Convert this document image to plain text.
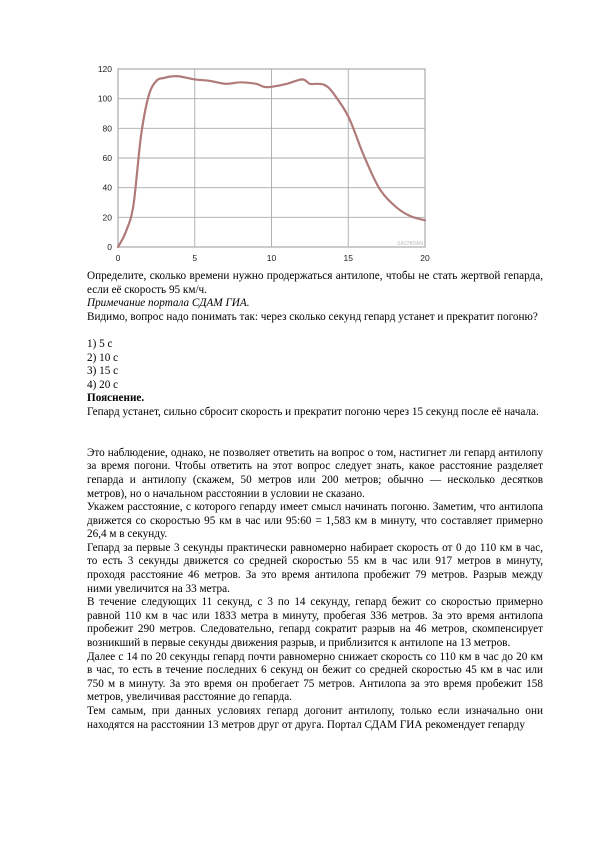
0
20
40
60
80
100
120
0	5	10	15	20
SACHIDAN

Определите, сколько времени нужно продержаться антилопе, чтобы не стать жертвой гепарда, если её скорость 95 км/ч.

Примечание портала СДАМ ГИА.

Видимо, вопрос надо понимать так: через сколько секунд гепард устанет и прекратит погоню?

1) 5 с

2) 10 с

3) 15 с

4) 20 с

Пояснение.

Гепард устанет, сильно сбросит скорость и прекратит погоню через 15 секунд после её начала.

Это наблюдение, однако, не позволяет ответить на вопрос о том, настигнет ли гепард антилопу за время погони. Чтобы ответить на этот вопрос следует знать, какое расстояние разделяет гепарда и антилопу (скажем, 50 метров или 200 метров; обычно — несколько десятков метров), но о начальном расстоянии в условии не сказано.

Укажем расстояние, с которого гепарду имеет смысл начинать погоню. Заметим, что антилопа движется со скоростью 95 км в час или 95:60 = 1,583 км в минуту, что составляет примерно 26,4 м в секунду.

Гепард за первые 3 секунды практически равномерно набирает скорость от 0 до 110 км в час, то есть 3 секунды движется со средней скоростью 55 км в час или 917 метров в минуту, проходя расстояние 46 метров. За это время антилопа пробежит 79 метров. Разрыв между ними увеличится на 33 метра.

В течение следующих 11 секунд, с 3 по 14 секунду, гепард бежит со скоростью примерно равной 110 км в час или 1833 метра в минуту, пробегая 336 метров. За это время антилопа пробежит 290 метров. Следовательно, гепард сократит разрыв на 46 метров, скомпенсирует возникший в первые секунды движения разрыв, и приблизится к антилопе на 13 метров.

Далее с 14 по 20 секунды гепард почти равномерно снижает скорость со 110 км в час до 20 км в час, то есть в течение последних 6 секунд он бежит со средней скоростью 45 км в час или 750 м в минуту. За это время он пробегает 75 метров. Антилопа за это время пробежит 158 метров, увеличивая расстояние до гепарда.

Тем самым, при данных условиях гепард догонит антилопу, только если изначально они находятся на расстоянии 13 метров друг от друга. Портал СДАМ ГИА рекомендует гепарду
